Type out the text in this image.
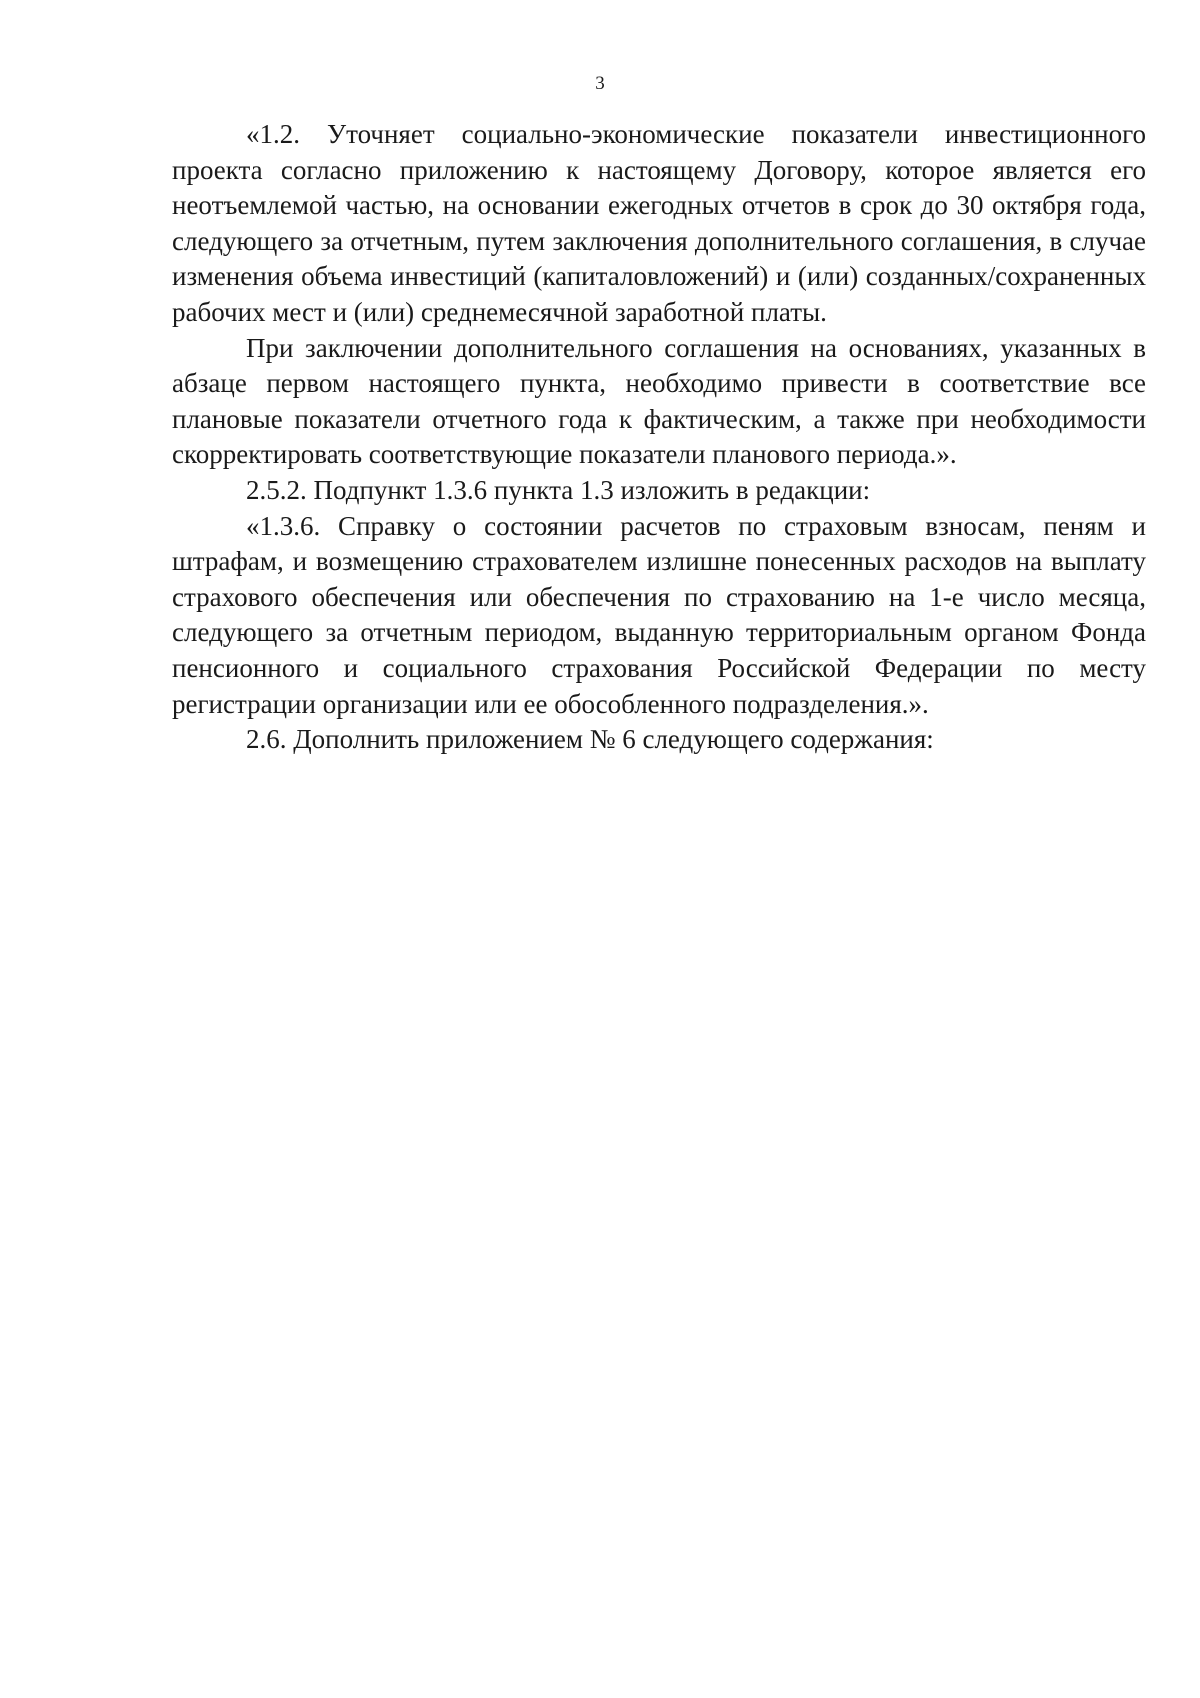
3

«1.2. Уточняет социально-экономические показатели инвестиционного проекта согласно приложению к настоящему Договору, которое является его неотъемлемой частью, на основании ежегодных отчетов в срок до 30 октября года, следующего за отчетным, путем заключения дополнительного соглашения, в случае изменения объема инвестиций (капиталовложений) и (или) созданных/сохраненных рабочих мест и (или) среднемесячной заработной платы.

При заключении дополнительного соглашения на основаниях, указанных в абзаце первом настоящего пункта, необходимо привести в соответствие все плановые показатели отчетного года к фактическим, а также при необходимости скорректировать соответствующие показатели планового периода.».

2.5.2. Подпункт 1.3.6 пункта 1.3 изложить в редакции:

«1.3.6. Справку о состоянии расчетов по страховым взносам, пеням и штрафам, и возмещению страхователем излишне понесенных расходов на выплату страхового обеспечения или обеспечения по страхованию на 1-е число месяца, следующего за отчетным периодом, выданную территориальным органом Фонда пенсионного и социального страхования Российской Федерации по месту регистрации организации или ее обособленного подразделения.».

2.6. Дополнить приложением № 6 следующего содержания:
